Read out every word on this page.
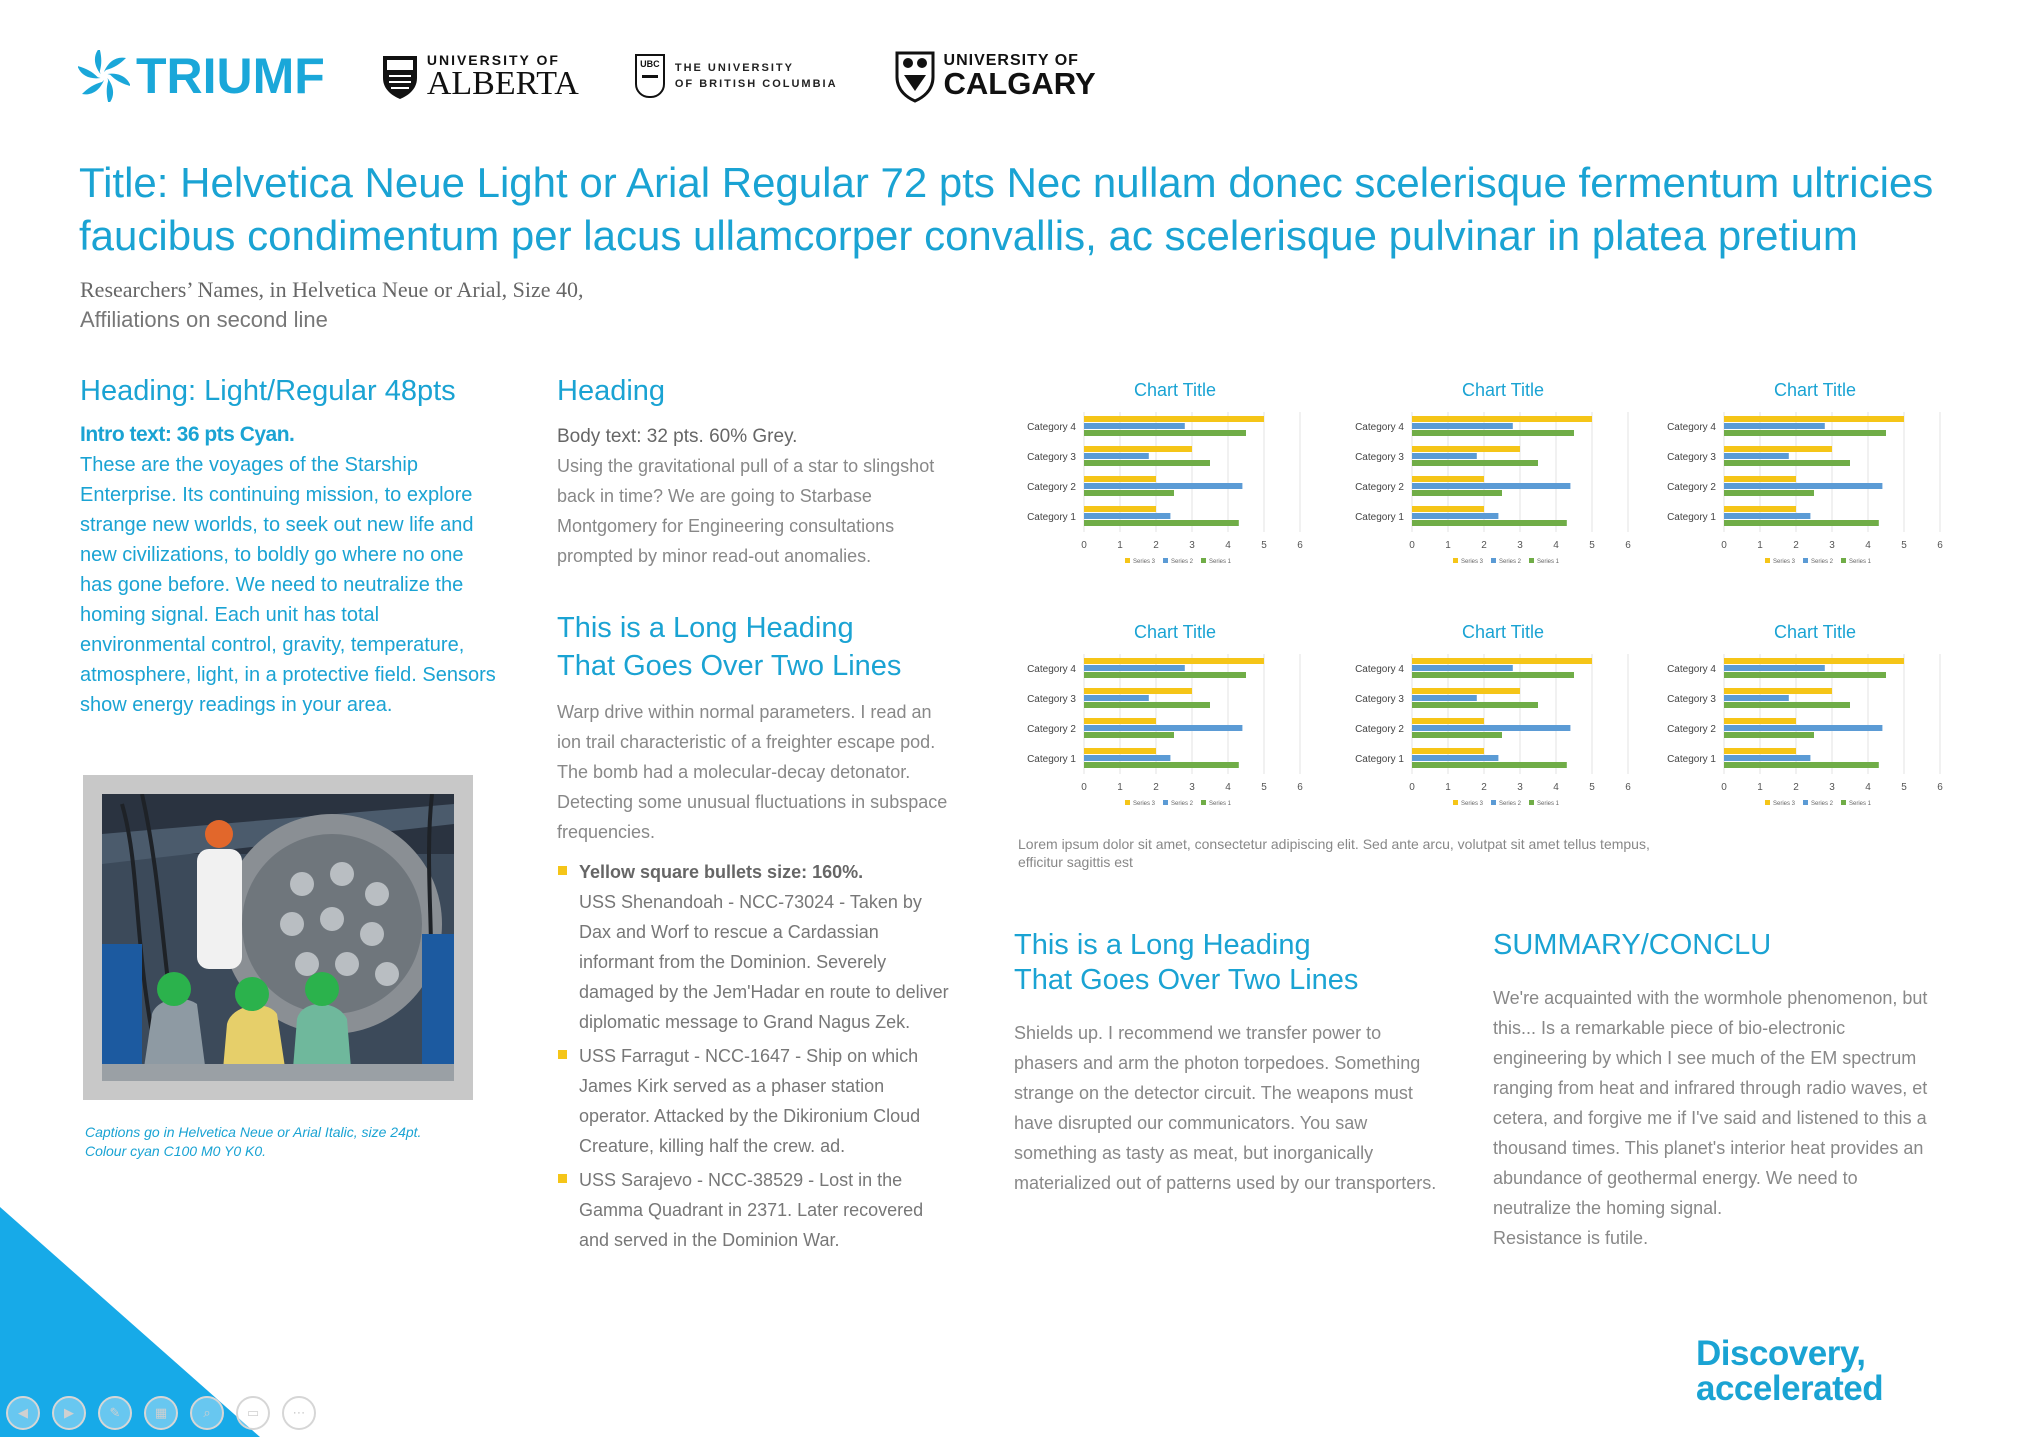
TRIUMF	UNIVERSITY OF
ALBERTA
UBC THE UNIVERSITY
OF BRITISH COLUMBIA
UNIVERSITY OF
CALGARY
Title: Helvetica Neue Light or Arial Regular 72 pts Nec nullam donec scelerisque fermentum ultricies faucibus condimentum per lacus ullamcorper convallis, ac scelerisque pulvinar in platea pretium
Researchers’ Names, in Helvetica Neue or Arial, Size 40,
Affiliations on second line
Heading: Light/Regular 48pts
Intro text: 36 pts Cyan.

These are the voyages of the Starship Enterprise. Its continuing mission, to explore strange new worlds, to seek out new life and new civilizations, to boldly go where no one has gone before. We need to neutralize the homing signal. Each unit has total environmental control, gravity, temperature, atmosphere, light, in a protective field. Sensors show energy readings in your area.

Captions go in Helvetica Neue or Arial Italic, size 24pt.
Colour cyan C100 M0 Y0 K0.
Heading
Body text: 32 pts. 60% Grey.

Using the gravitational pull of a star to slingshot back in time? We are going to Starbase Montgomery for Engineering consultations prompted by minor read-out anomalies.

This is a Long Heading
That Goes Over Two Lines

Warp drive within normal parameters. I read an ion trail characteristic of a freighter escape pod. The bomb had a molecular-decay detonator. Detecting some unusual fluctuations in subspace frequencies.

Yellow square bullets size: 160%.
USS Shenandoah - NCC-73024 - Taken by Dax and Worf to rescue a Cardassian informant from the Dominion. Severely damaged by the Jem'Hadar en route to deliver diplomatic message to Grand Nagus Zek.
USS Farragut - NCC-1647 - Ship on which James Kirk served as a phaser station operator. Attacked by the Dikironium Cloud Creature, killing half the crew. ad.
USS Sarajevo - NCC-38529 - Lost in the Gamma Quadrant in 2371. Later recovered and served in the Dominion War.
Chart Title
0	1	2	3	4	5	6
Category 1
Category 2
Category 3
Category 4
Series 3	Series 2	Series 1
Chart Title
0	1	2	3	4	5	6
Category 1
Category 2
Category 3
Category 4
Series 3	Series 2	Series 1
Chart Title
0	1	2	3	4	5	6
Category 1
Category 2
Category 3
Category 4
Series 3	Series 2	Series 1
Chart Title
0	1	2	3	4	5	6
Category 1
Category 2
Category 3
Category 4
Series 3	Series 2	Series 1
Chart Title
0	1	2	3	4	5	6
Category 1
Category 2
Category 3
Category 4
Series 3	Series 2	Series 1
Chart Title
0	1	2	3	4	5	6
Category 1
Category 2
Category 3
Category 4
Series 3	Series 2	Series 1
Lorem ipsum dolor sit amet, consectetur adipiscing elit. Sed ante arcu, volutpat sit amet tellus tempus, efficitur sagittis est
This is a Long Heading
That Goes Over Two Lines

Shields up. I recommend we transfer power to phasers and arm the photon torpedoes. Something strange on the detector circuit. The weapons must have disrupted our communicators. You saw something as tasty as meat, but inorganically materialized out of patterns used by our transporters.

SUMMARY/CONCLU

We're acquainted with the wormhole phenomenon, but this... Is a remarkable piece of bio-electronic engineering by which I see much of the EM spectrum ranging from heat and infrared through radio waves, et cetera, and forgive me if I've said and listened to this a thousand times. This planet's interior heat provides an abundance of geothermal energy. We need to neutralize the homing signal.

Resistance is futile.

Discovery,
accelerated
◀	▶	✎	▦	⌕	▭	⋯
